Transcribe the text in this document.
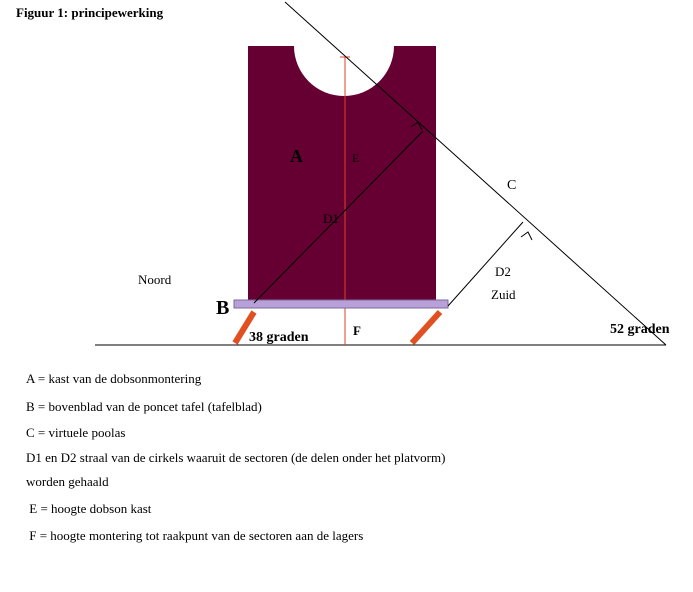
Figuur 1: principewerking
A	E
D1
C
D2
Zuid
Noord
B
F
38 graden
52 graden
A = kast van de dobsonmontering
B = bovenblad van de poncet tafel (tafelblad)
C = virtuele poolas
D1 en D2 straal van de cirkels waaruit de sectoren (de delen onder het platvorm)
worden gehaald
E = hoogte dobson kast
F = hoogte montering tot raakpunt van de sectoren aan de lagers
